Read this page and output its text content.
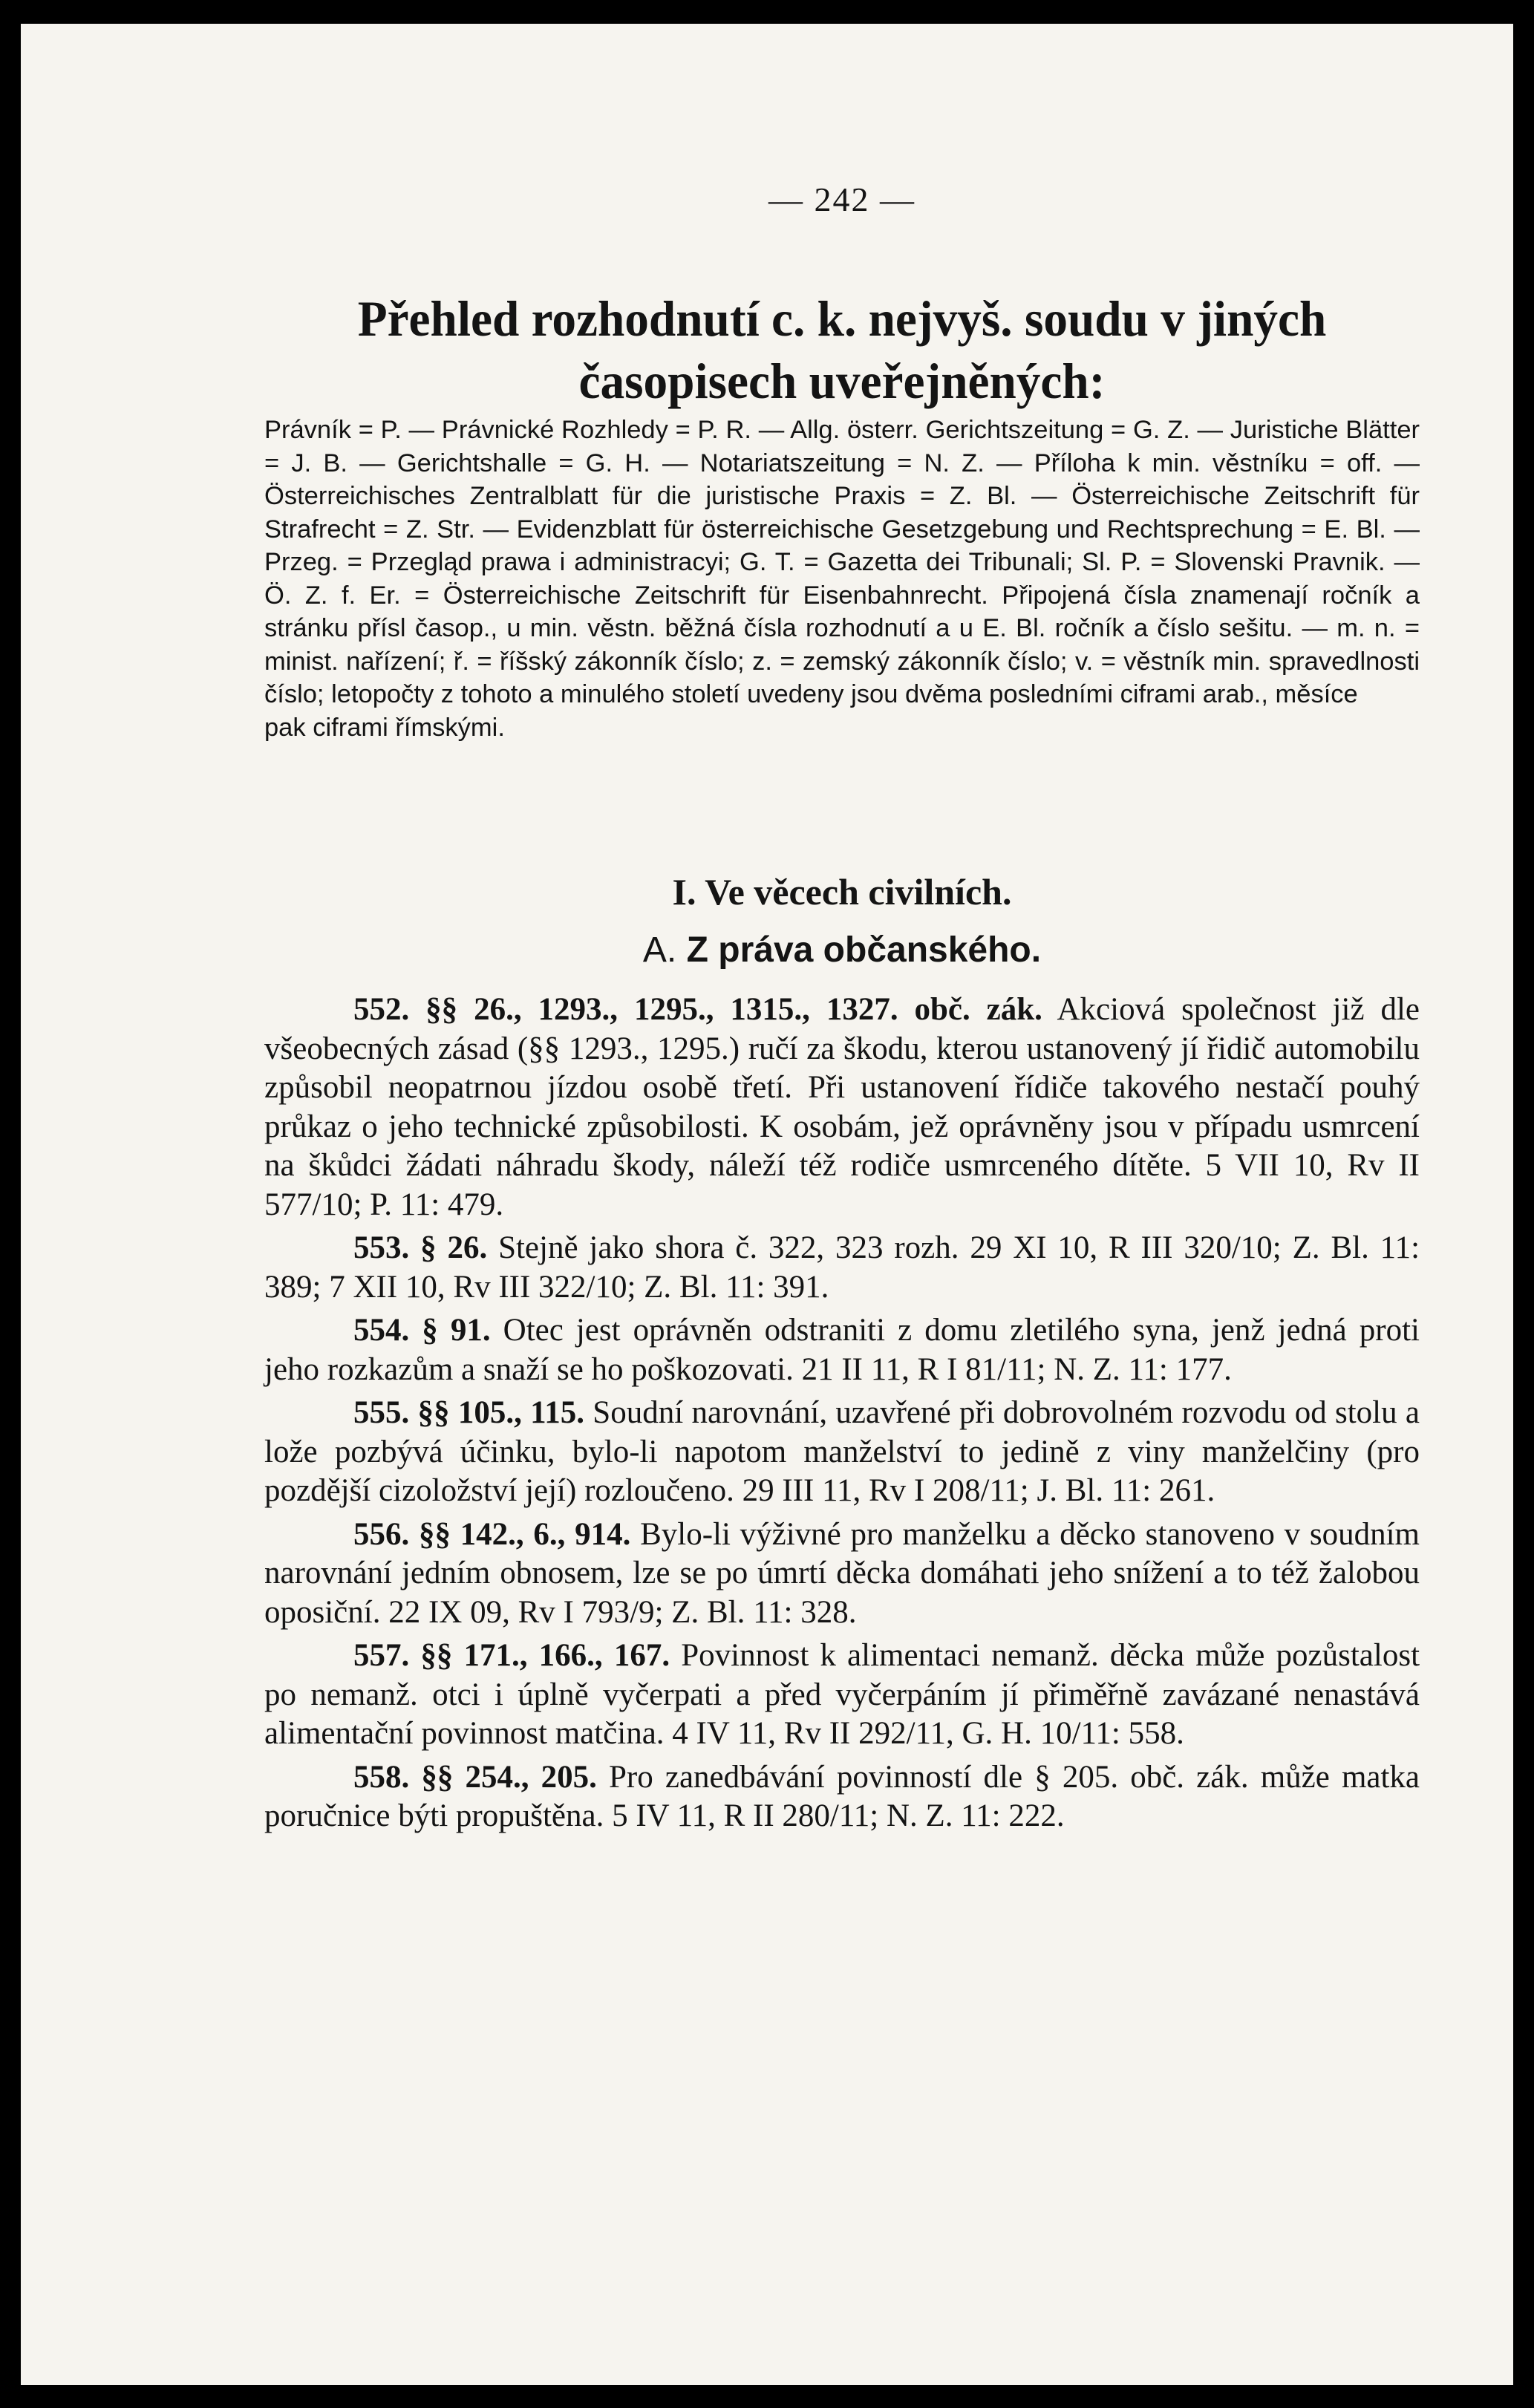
— 242 —
Přehled rozhodnutí c. k. nejvyš. soudu v jiných
časopisech uveřejněných:
Právník = P. — Právnické Rozhledy = P. R. — Allg. österr. Gerichtszeitung = G. Z. — Juristiche Blätter = J. B. — Gerichtshalle = G. H. — Notariatszeitung = N. Z. — Příloha k min. věstníku = off. — Österreichisches Zentralblatt für die juristische Praxis = Z. Bl. — Österreichische Zeitschrift für Strafrecht = Z. Str. — Evidenzblatt für österreichische Gesetzgebung und Rechtsprechung = E. Bl. — Przeg. = Przegląd prawa i administracyi; G. T. = Gazetta dei Tribunali; Sl. P. = Slovenski Pravnik. — Ö. Z. f. Er. = Österreichische Zeitschrift für Eisenbahnrecht. Připojená čísla znamenají ročník a stránku přísl časop., u min. věstn. běžná čísla rozhodnutí a u E. Bl. ročník a číslo sešitu. — m. n. = minist. nařízení; ř. = říšský zákonník číslo; z. = zemský zákonník číslo; v. = věstník min. spravedlnosti číslo; letopočty z tohoto a minulého století uvedeny jsou dvěma posledními ciframi arab., měsíce
pak ciframi římskými.
I. Ve věcech civilních.
A. Z práva občanského.

552. §§ 26., 1293., 1295., 1315., 1327. obč. zák. Akciová společnost již dle všeobecných zásad (§§ 1293., 1295.) ručí za škodu, kterou ustanovený jí řidič automobilu způsobil neopatrnou jízdou osobě třetí. Při ustanovení řídiče takového nestačí pouhý průkaz o jeho technické způsobilosti. K osobám, jež oprávněny jsou v případu usmrcení na škůdci žádati náhradu škody, náleží též rodiče usmrceného dítěte. 5 VII 10, Rv II 577/10; P. 11: 479.

553. § 26. Stejně jako shora č. 322, 323 rozh. 29 XI 10, R III 320/10; Z. Bl. 11: 389; 7 XII 10, Rv III 322/10; Z. Bl. 11: 391.

554. § 91. Otec jest oprávněn odstraniti z domu zletilého syna, jenž jedná proti jeho rozkazům a snaží se ho poškozovati. 21 II 11, R I 81/11; N. Z. 11: 177.

555. §§ 105., 115. Soudní narovnání, uzavřené při dobrovolném rozvodu od stolu a lože pozbývá účinku, bylo-li napotom manželství to jedině z viny manželčiny (pro pozdější cizoložství její) rozloučeno. 29 III 11, Rv I 208/11; J. Bl. 11: 261.

556. §§ 142., 6., 914. Bylo-li výživné pro manželku a děcko stanoveno v soudním narovnání jedním obnosem, lze se po úmrtí děcka domáhati jeho snížení a to též žalobou oposiční. 22 IX 09, Rv I 793/9; Z. Bl. 11: 328.

557. §§ 171., 166., 167. Povinnost k alimentaci nemanž. děcka může pozůstalost po nemanž. otci i úplně vyčerpati a před vyčerpáním jí přiměřně zavázané nenastává alimentační povinnost matčina. 4 IV 11, Rv II 292/11, G. H. 10/11: 558.

558. §§ 254., 205. Pro zanedbávání povinností dle § 205. obč. zák. může matka poručnice býti propuštěna. 5 IV 11, R II 280/11; N. Z. 11: 222.
